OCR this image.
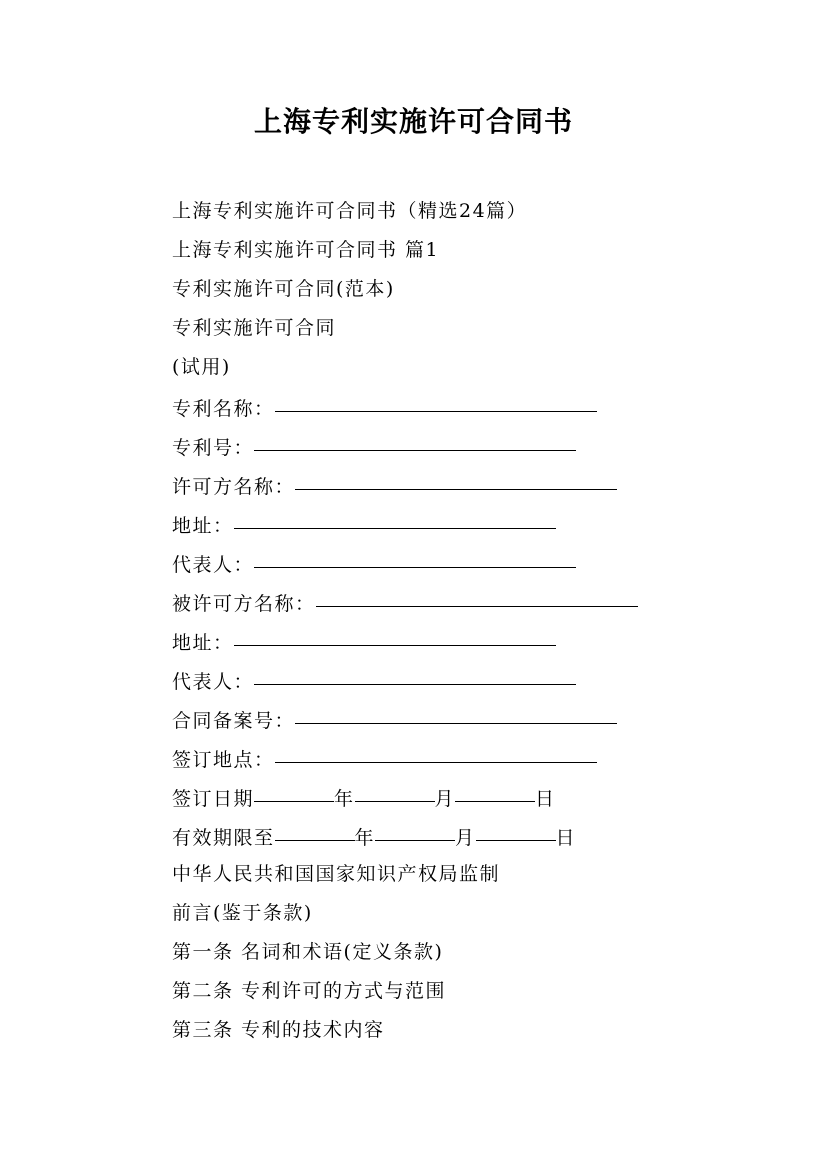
上海专利实施许可合同书
上海专利实施许可合同书（精选24篇）
上海专利实施许可合同书 篇1
专利实施许可合同(范本)
专利实施许可合同
(试用)
专利名称：
专利号：
许可方名称：
地址：
代表人：
被许可方名称：
地址：
代表人：
合同备案号：
签订地点：
签订日期	年	月	日
有效期限至	年	月	日
中华人民共和国国家知识产权局监制
前言(鉴于条款)
第一条 名词和术语(定义条款)
第二条 专利许可的方式与范围
第三条 专利的技术内容
